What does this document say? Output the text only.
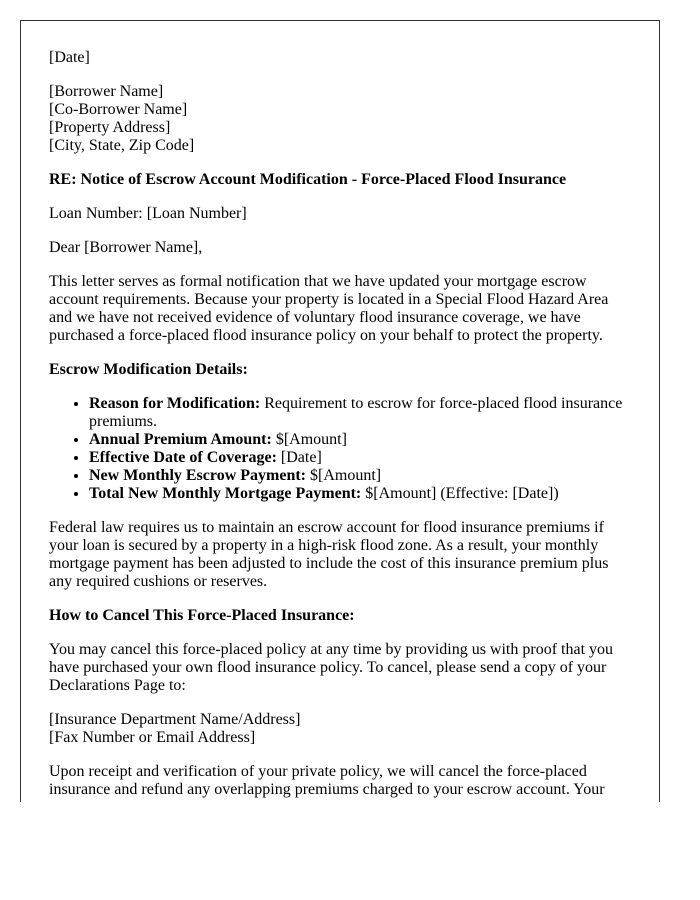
[Date]

[Borrower Name]
[Co-Borrower Name]
[Property Address]
[City, State, Zip Code]

RE: Notice of Escrow Account Modification - Force-Placed Flood Insurance

Loan Number: [Loan Number]

Dear [Borrower Name],

This letter serves as formal notification that we have updated your mortgage escrow account requirements. Because your property is located in a Special Flood Hazard Area and we have not received evidence of voluntary flood insurance coverage, we have purchased a force-placed flood insurance policy on your behalf to protect the property.

Escrow Modification Details:

• Reason for Modification: Requirement to escrow for force-placed flood insurance premiums.
• Annual Premium Amount: $[Amount]
• Effective Date of Coverage: [Date]
• New Monthly Escrow Payment: $[Amount]
• Total New Monthly Mortgage Payment: $[Amount] (Effective: [Date])

Federal law requires us to maintain an escrow account for flood insurance premiums if your loan is secured by a property in a high-risk flood zone. As a result, your monthly mortgage payment has been adjusted to include the cost of this insurance premium plus any required cushions or reserves.

How to Cancel This Force-Placed Insurance:

You may cancel this force-placed policy at any time by providing us with proof that you have purchased your own flood insurance policy. To cancel, please send a copy of your Declarations Page to:

[Insurance Department Name/Address]
[Fax Number or Email Address]

Upon receipt and verification of your private policy, we will cancel the force-placed insurance and refund any overlapping premiums charged to your escrow account. Your
